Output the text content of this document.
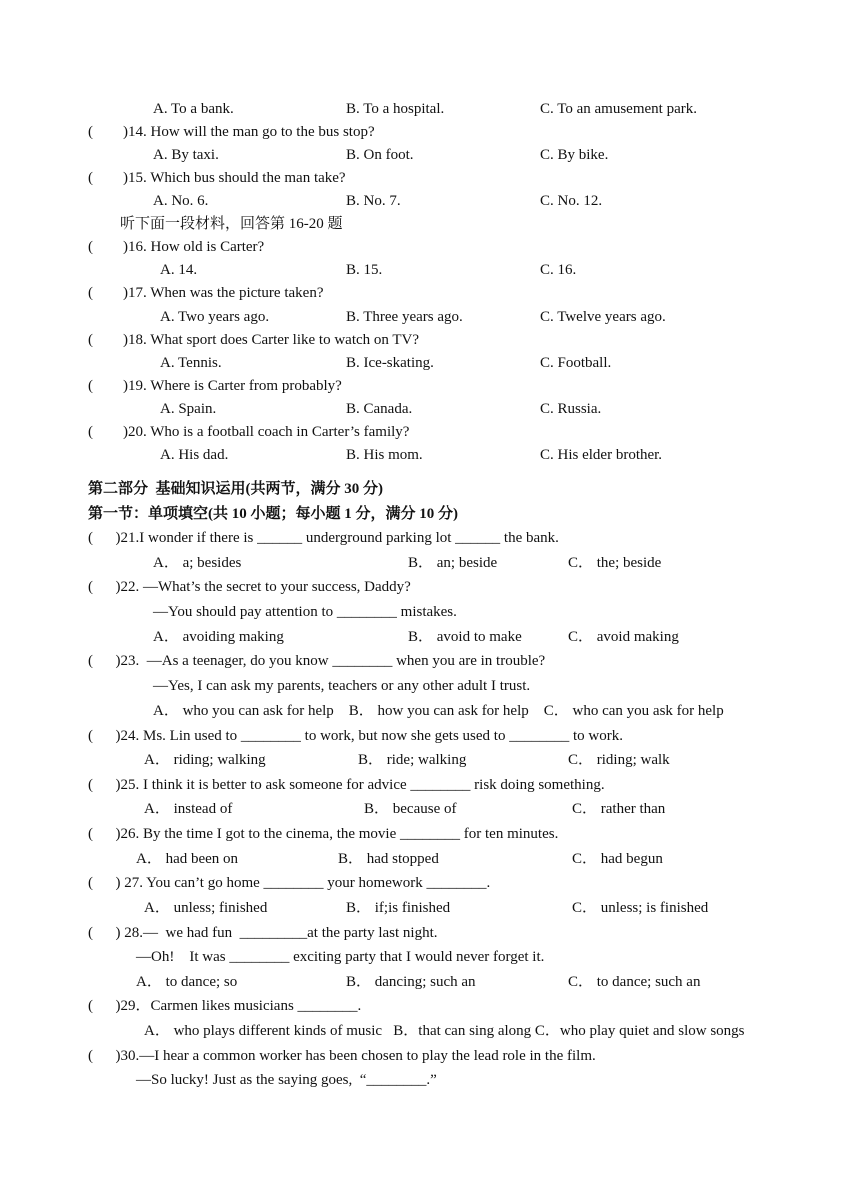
A. To a bank.	B. To a hospital.	C. To an amusement park.
(        )14. How will the man go to the bus stop?
A. By taxi.	B. On foot.	C. By bike.
(        )15. Which bus should the man take?
A. No. 6.	B. No. 7.	C. No. 12.
听下面一段材料，回答第 16-20 题
(        )16. How old is Carter?
A. 14.	B. 15.	C. 16.
(        )17. When was the picture taken?
A. Two years ago.	B. Three years ago.	C. Twelve years ago.
(        )18. What sport does Carter like to watch on TV?
A. Tennis.	B. Ice-skating.	C. Football.
(        )19. Where is Carter from probably?
A. Spain.	B. Canada.	C. Russia.
(        )20. Who is a football coach in Carter’s family?
A. His dad.	B. His mom.	C. His elder brother.
第二部分  基础知识运用(共两节，满分 30 分)
第一节：单项填空(共 10 小题；每小题 1 分，满分 10 分)
(      )21.I wonder if there is ______ underground parking lot ______ the bank.
A． a; besides	B． an; beside	C． the; beside
(      )22. —What’s the secret to your success, Daddy?
—You should pay attention to ________ mistakes.
A． avoiding making	B． avoid to make	C． avoid making
(      )23.  —As a teenager, do you know ________ when you are in trouble?
—Yes, I can ask my parents, teachers or any other adult I trust.
A． who you can ask for help    B． how you can ask for help    C． who can you ask for help
(      )24. Ms. Lin used to ________ to work, but now she gets used to ________ to work.
A． riding; walking	B． ride; walking	C． riding; walk
(      )25. I think it is better to ask someone for advice ________ risk doing something.
A． instead of	B． because of	C． rather than
(      )26. By the time I got to the cinema, the movie ________ for ten minutes.
A． had been on	B． had stopped	C． had begun
(      ) 27. You can’t go home ________ your homework ________.
A． unless; finished	B． if;is finished	C． unless; is finished
(      ) 28.—  we had fun  _________at the party last night.
—Oh!    It was ________ exciting party that I would never forget it.
A． to dance; so	B． dancing; such an	C． to dance; such an
(      )29．Carmen likes musicians ________.
A． who plays different kinds of music   B．that can sing along C．who play quiet and slow songs
(      )30.—I hear a common worker has been chosen to play the lead role in the film.
—So lucky! Just as the saying goes,  “________.”
